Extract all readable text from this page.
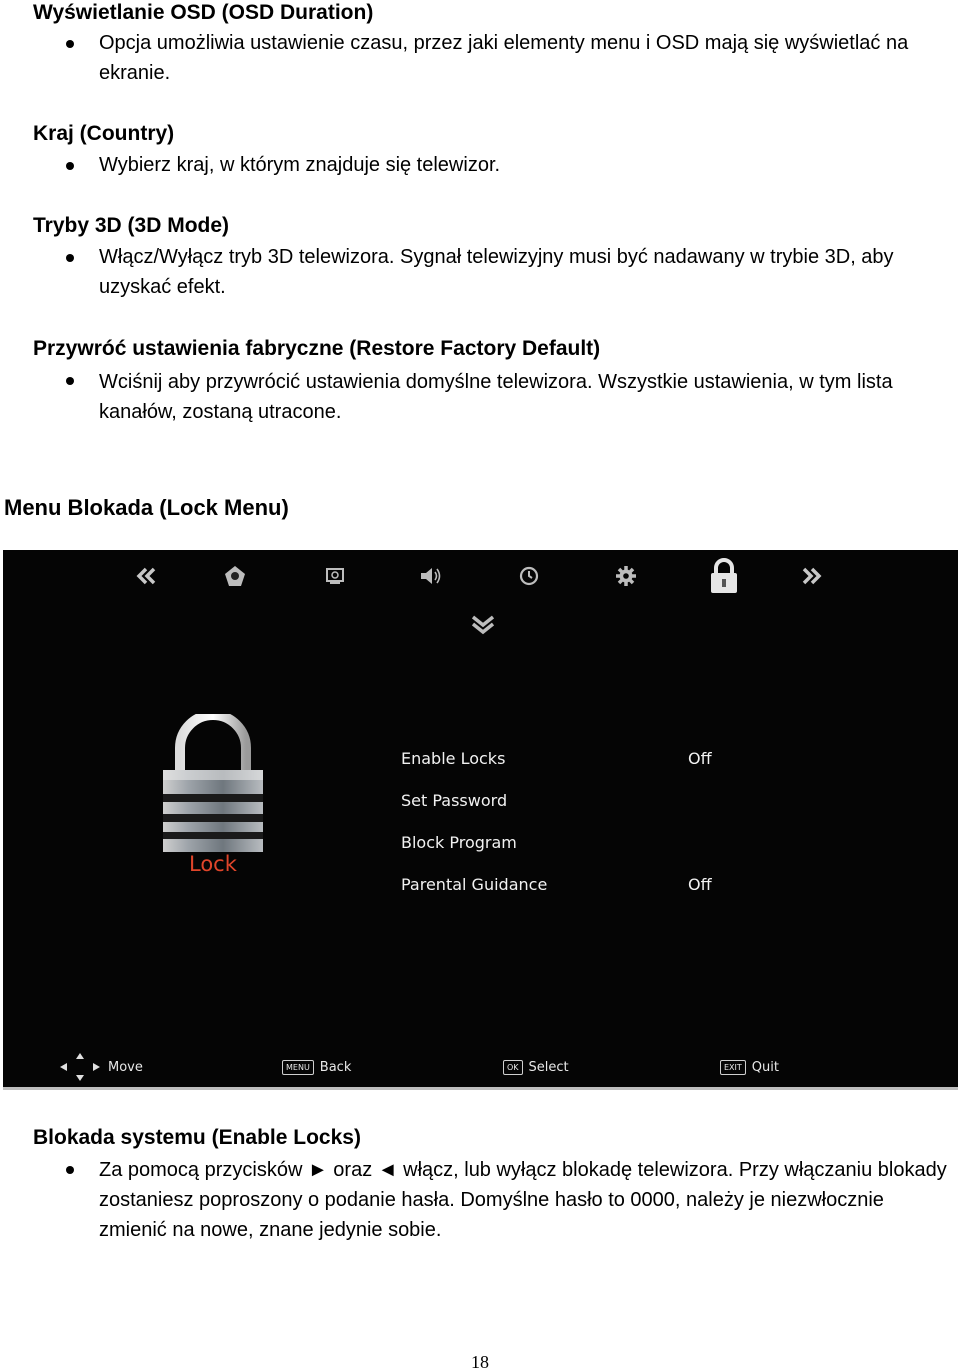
Wyświetlanie OSD (OSD Duration)
Opcja umożliwia ustawienie czasu, przez jaki elementy menu i OSD mają się wyświetlać na ekranie.
Kraj (Country)
Wybierz kraj, w którym znajduje się telewizor.
Tryby 3D (3D Mode)
Włącz/Wyłącz tryb 3D telewizora. Sygnał telewizyjny musi być nadawany w trybie 3D, aby uzyskać efekt.
Przywróć ustawienia fabryczne (Restore Factory Default)
Wciśnij aby przywrócić ustawienia domyślne telewizora. Wszystkie ustawienia, w tym lista kanałów, zostaną utracone.
Menu Blokada (Lock Menu)
Lock
Enable Locks	Off
Set Password
Block Program
Parental Guidance	Off
Move	MENU Back	OK Select	EXIT Quit
Blokada systemu (Enable Locks)
Za pomocą przycisków ► oraz ◄ włącz, lub wyłącz blokadę telewizora. Przy włączaniu blokady zostaniesz poproszony o podanie hasła. Domyślne hasło to 0000, należy je niezwłocznie zmienić na nowe, znane jedynie sobie.
18
